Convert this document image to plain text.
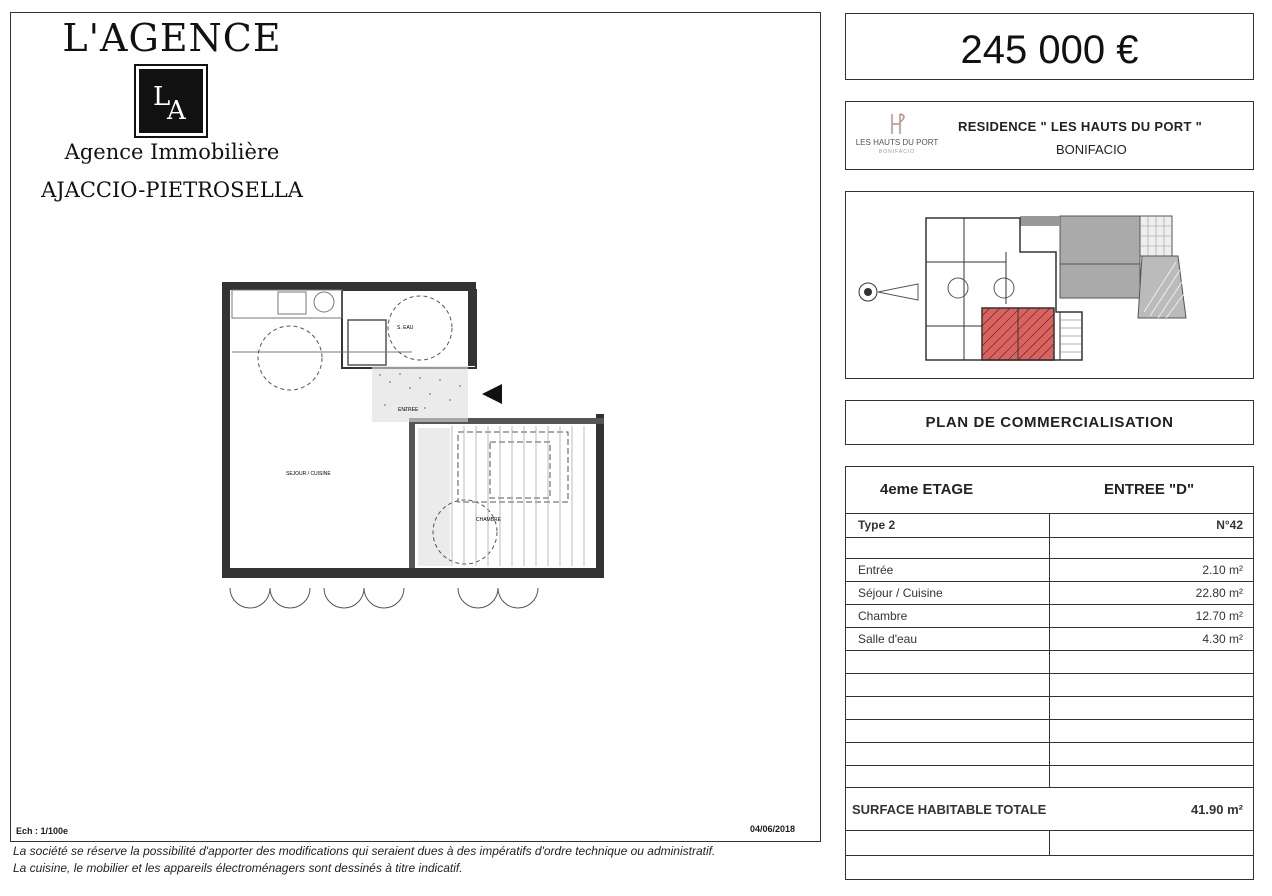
L'AGENCE
L
A
Agence Immobilière
AJACCIO-PIETROSELLA
S. EAU
ENTREE
SEJOUR / CUISINE
CHAMBRE
Ech : 1/100e	04/06/2018
La société se réserve la possibilité d'apporter des modifications qui seraient dues à des impératifs d'ordre technique ou administratif.
La cuisine, le mobilier et les appareils électroménagers sont dessinés à titre indicatif.
245 000 €
LES HAUTS DU PORT
BONIFACIO
RESIDENCE " LES HAUTS DU PORT "
BONIFACIO
PLAN DE COMMERCIALISATION
4eme ETAGE	ENTREE "D"
Type 2	N°42
Entrée	2.10 m²
Séjour / Cuisine	22.80 m²
Chambre	12.70 m²
Salle d'eau	4.30 m²
SURFACE HABITABLE TOTALE	41.90 m²
